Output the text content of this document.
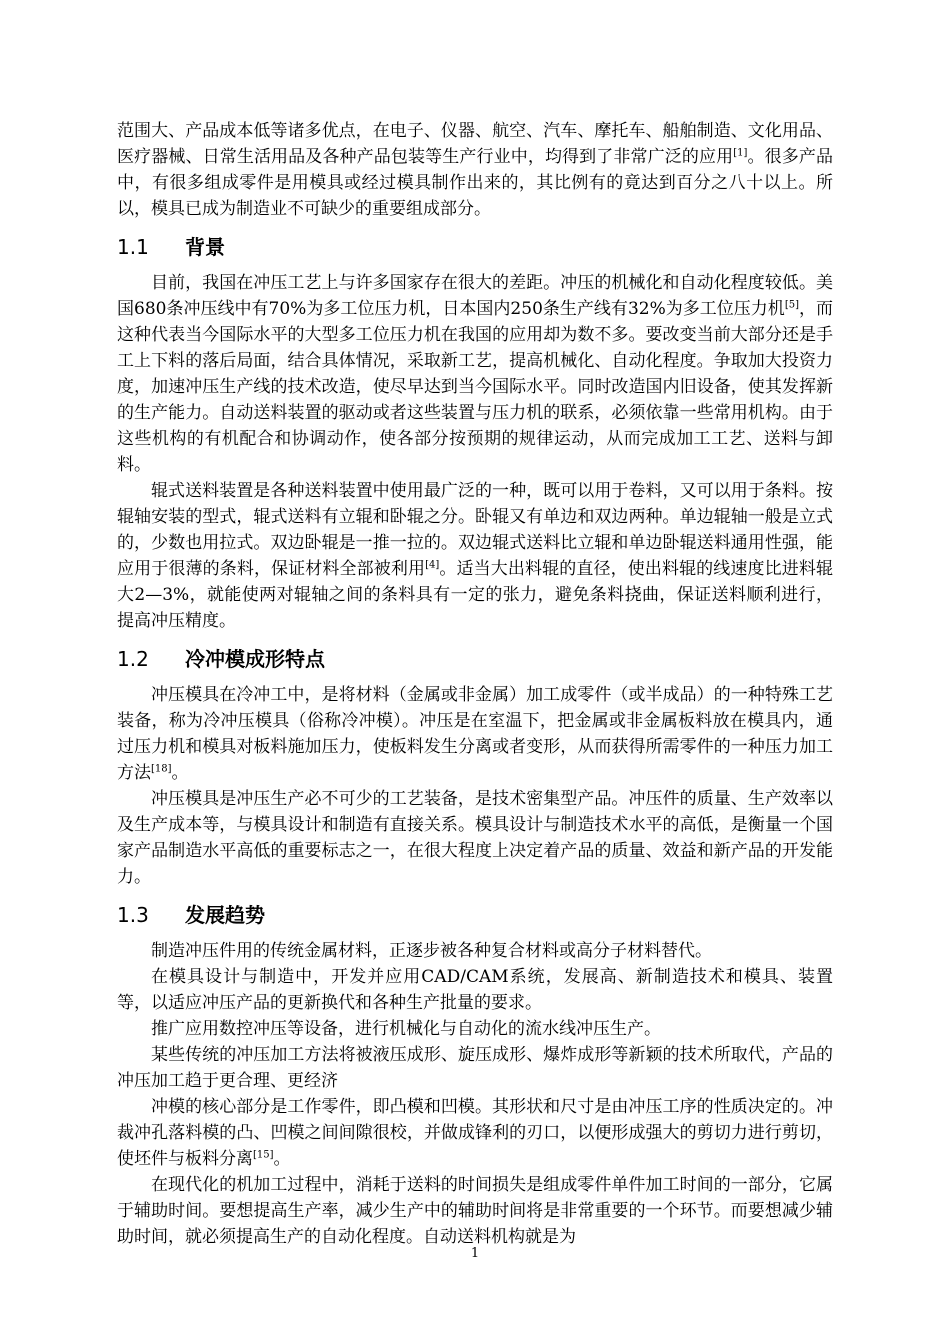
范围大、产品成本低等诸多优点，在电子、仪器、航空、汽车、摩托车、船舶制造、文化用品、医疗器械、日常生活用品及各种产品包装等生产行业中，均得到了非常广泛的应用[1]。很多产品中，有很多组成零件是用模具或经过模具制作出来的，其比例有的竟达到百分之八十以上。所以，模具已成为制造业不可缺少的重要组成部分。

1.1 背景

目前，我国在冲压工艺上与许多国家存在很大的差距。冲压的机械化和自动化程度较低。美国680条冲压线中有70%为多工位压力机，日本国内250条生产线有32%为多工位压力机[5]，而这种代表当今国际水平的大型多工位压力机在我国的应用却为数不多。要改变当前大部分还是手工上下料的落后局面，结合具体情况，采取新工艺，提高机械化、自动化程度。争取加大投资力度，加速冲压生产线的技术改造，使尽早达到当今国际水平。同时改造国内旧设备，使其发挥新的生产能力。自动送料装置的驱动或者这些装置与压力机的联系，必须依靠一些常用机构。由于这些机构的有机配合和协调动作，使各部分按预期的规律运动，从而完成加工工艺、送料与卸料。

辊式送料装置是各种送料装置中使用最广泛的一种，既可以用于卷料，又可以用于条料。按辊轴安装的型式，辊式送料有立辊和卧辊之分。卧辊又有单边和双边两种。单边辊轴一般是立式的，少数也用拉式。双边卧辊是一推一拉的。双边辊式送料比立辊和单边卧辊送料通用性强，能应用于很薄的条料，保证材料全部被利用[4]。适当大出料辊的直径，使出料辊的线速度比进料辊大2—3%，就能使两对辊轴之间的条料具有一定的张力，避免条料挠曲，保证送料顺利进行，提高冲压精度。

1.2 冷冲模成形特点

冲压模具在冷冲工中，是将材料（金属或非金属）加工成零件（或半成品）的一种特殊工艺装备，称为冷冲压模具（俗称冷冲模）。冲压是在室温下，把金属或非金属板料放在模具内，通过压力机和模具对板料施加压力，使板料发生分离或者变形，从而获得所需零件的一种压力加工方法[18]。

冲压模具是冲压生产必不可少的工艺装备，是技术密集型产品。冲压件的质量、生产效率以及生产成本等，与模具设计和制造有直接关系。模具设计与制造技术水平的高低，是衡量一个国家产品制造水平高低的重要标志之一，在很大程度上决定着产品的质量、效益和新产品的开发能力。

1.3 发展趋势

制造冲压件用的传统金属材料，正逐步被各种复合材料或高分子材料替代。

在模具设计与制造中，开发并应用CAD/CAM系统，发展高、新制造技术和模具、装置等，以适应冲压产品的更新换代和各种生产批量的要求。

推广应用数控冲压等设备，进行机械化与自动化的流水线冲压生产。

某些传统的冲压加工方法将被液压成形、旋压成形、爆炸成形等新颖的技术所取代，产品的冲压加工趋于更合理、更经济

冲模的核心部分是工作零件，即凸模和凹模。其形状和尺寸是由冲压工序的性质决定的。冲裁冲孔落料模的凸、凹模之间间隙很校，并做成锋利的刃口，以便形成强大的剪切力进行剪切，使坯件与板料分离[15]。

在现代化的机加工过程中，消耗于送料的时间损失是组成零件单件加工时间的一部分，它属于辅助时间。要想提高生产率，减少生产中的辅助时间将是非常重要的一个环节。而要想减少辅助时间，就必须提高生产的自动化程度。自动送料机构就是为

1
